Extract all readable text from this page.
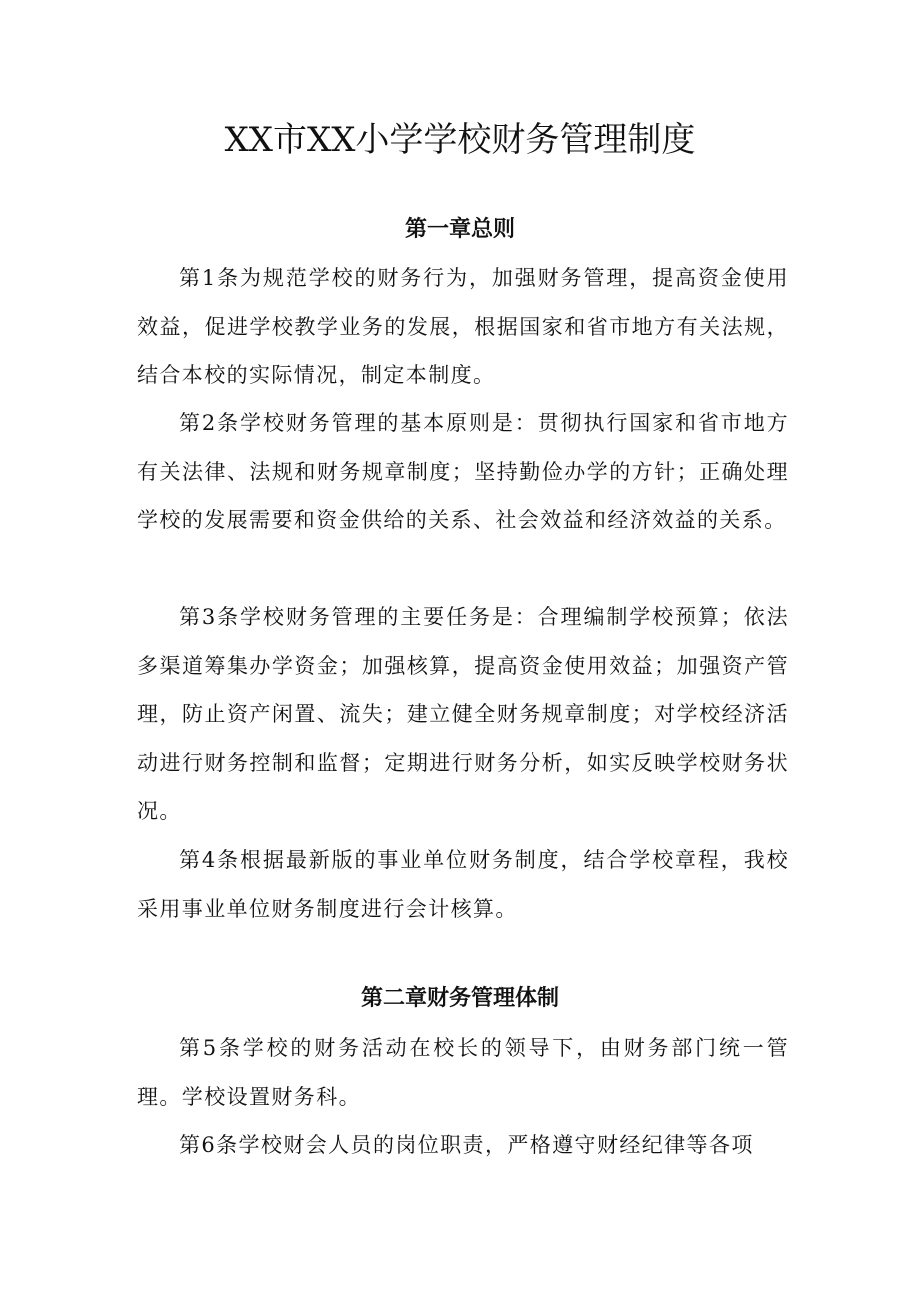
XX市XX小学学校财务管理制度
第一章总则

第1条为规范学校的财务行为，加强财务管理，提高资金使用效益，促进学校教学业务的发展，根据国家和省市地方有关法规，结合本校的实际情况，制定本制度。

第2条学校财务管理的基本原则是：贯彻执行国家和省市地方有关法律、法规和财务规章制度；坚持勤俭办学的方针；正确处理学校的发展需要和资金供给的关系、社会效益和经济效益的关系。

第3条学校财务管理的主要任务是：合理编制学校预算；依法多渠道筹集办学资金；加强核算，提高资金使用效益；加强资产管理，防止资产闲置、流失；建立健全财务规章制度；对学校经济活动进行财务控制和监督；定期进行财务分析，如实反映学校财务状况。

第4条根据最新版的事业单位财务制度，结合学校章程，我校采用事业单位财务制度进行会计核算。

第二章财务管理体制

第5条学校的财务活动在校长的领导下，由财务部门统一管理。学校设置财务科。

第6条学校财会人员的岗位职责，严格遵守财经纪律等各项
